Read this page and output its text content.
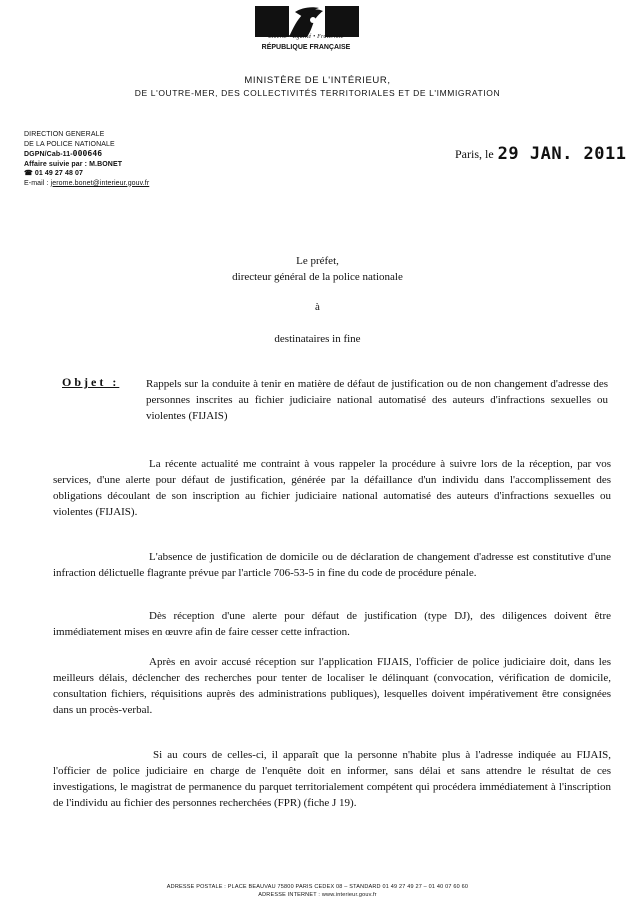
Liberté • Égalité • Fraternité
RÉPUBLIQUE FRANÇAISE
MINISTÈRE DE L'INTÉRIEUR,
DE L'OUTRE-MER, DES COLLECTIVITÉS TERRITORIALES ET DE L'IMMIGRATION
DIRECTION GENERALE
DE LA POLICE NATIONALE
DGPN/Cab-11-000646
Affaire suivie par : M.BONET
☎ 01 49 27 48 07
E-mail : jerome.bonet@interieur.gouv.fr
Paris, le 29 JAN. 2011
Le préfet,
directeur général de la police nationale
à
destinataires in fine
Objet : Rappels sur la conduite à tenir en matière de défaut de justification ou de non changement d'adresse des personnes inscrites au fichier judiciaire national automatisé des auteurs d'infractions sexuelles ou violentes (FIJAIS)
La récente actualité me contraint à vous rappeler la procédure à suivre lors de la réception, par vos services, d'une alerte pour défaut de justification, générée par la défaillance d'un individu dans l'accomplissement des obligations découlant de son inscription au fichier judiciaire national automatisé des auteurs d'infractions sexuelles ou violentes (FIJAIS).
L'absence de justification de domicile ou de déclaration de changement d'adresse est constitutive d'une infraction délictuelle flagrante prévue par l'article 706-53-5 in fine du code de procédure pénale.
Dès réception d'une alerte pour défaut de justification (type DJ), des diligences doivent être immédiatement mises en œuvre afin de faire cesser cette infraction.
Après en avoir accusé réception sur l'application FIJAIS, l'officier de police judiciaire doit, dans les meilleurs délais, déclencher des recherches pour tenter de localiser le délinquant (convocation, vérification de domicile, consultation fichiers, réquisitions auprès des administrations publiques), lesquelles doivent impérativement être consignées dans un procès-verbal.
Si au cours de celles-ci, il apparaît que la personne n'habite plus à l'adresse indiquée au FIJAIS, l'officier de police judiciaire en charge de l'enquête doit en informer, sans délai et sans attendre le résultat de ces investigations, le magistrat de permanence du parquet territorialement compétent qui procédera immédiatement à l'inscription de l'individu au fichier des personnes recherchées (FPR) (fiche J 19).
ADRESSE POSTALE : PLACE BEAUVAU 75800 PARIS CEDEX 08 – STANDARD 01 49 27 49 27 – 01 40 07 60 60
ADRESSE INTERNET : www.interieur.gouv.fr
